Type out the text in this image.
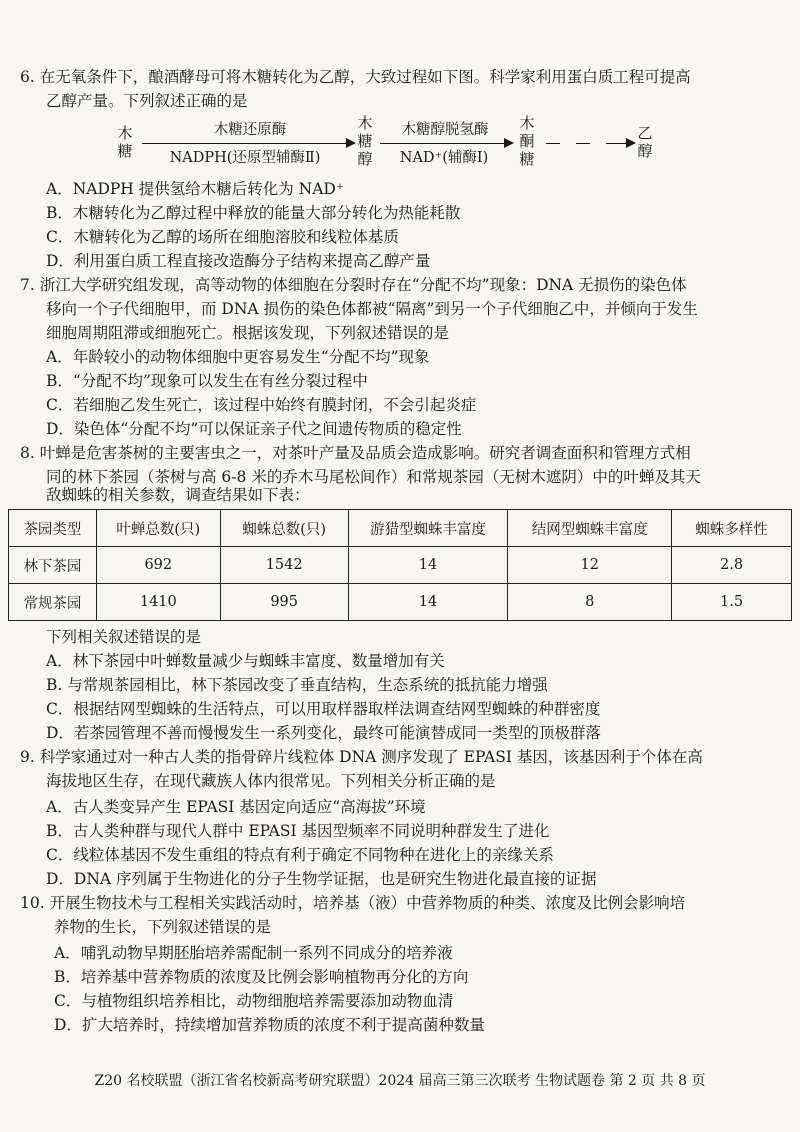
6. 在无氧条件下，酿酒酵母可将木糖转化为乙醇，大致过程如下图。科学家利用蛋白质工程可提高
乙醇产量。下列叙述正确的是
木
糖
木糖还原酶
NADPH(还原型辅酶Ⅱ)
木
糖
醇
木糖醇脱氢酶
NAD⁺(辅酶Ⅰ)
木
酮
糖
乙
醇
A．NADPH 提供氢给木糖后转化为 NAD⁺
B．木糖转化为乙醇过程中释放的能量大部分转化为热能耗散
C．木糖转化为乙醇的场所在细胞溶胶和线粒体基质
D．利用蛋白质工程直接改造酶分子结构来提高乙醇产量
7. 浙江大学研究组发现，高等动物的体细胞在分裂时存在“分配不均”现象：DNA 无损伤的染色体
移向一个子代细胞甲，而 DNA 损伤的染色体都被“隔离”到另一个子代细胞乙中，并倾向于发生
细胞周期阻滞或细胞死亡。根据该发现，下列叙述错误的是
A．年龄较小的动物体细胞中更容易发生“分配不均”现象
B．“分配不均”现象可以发生在有丝分裂过程中
C．若细胞乙发生死亡，该过程中始终有膜封闭，不会引起炎症
D．染色体“分配不均”可以保证亲子代之间遗传物质的稳定性
8. 叶蝉是危害茶树的主要害虫之一，对茶叶产量及品质会造成影响。研究者调查面积和管理方式相
同的林下茶园（茶树与高 6-8 米的乔木马尾松间作）和常规茶园（无树木遮阴）中的叶蝉及其天
敌蜘蛛的相关参数，调查结果如下表：
茶园类型	叶蝉总数(只)	蜘蛛总数(只)	游猎型蜘蛛丰富度	结网型蜘蛛丰富度	蜘蛛多样性
林下茶园	692	1542	14	12	2.8
常规茶园	1410	995	14	8	1.5
下列相关叙述错误的是
A．林下茶园中叶蝉数量减少与蜘蛛丰富度、数量增加有关
B. 与常规茶园相比，林下茶园改变了垂直结构，生态系统的抵抗能力增强
C．根据结网型蜘蛛的生活特点，可以用取样器取样法调查结网型蜘蛛的种群密度
D．若茶园管理不善而慢慢发生一系列变化，最终可能演替成同一类型的顶极群落
9. 科学家通过对一种古人类的指骨碎片线粒体 DNA 测序发现了 EPASI 基因，该基因利于个体在高
海拔地区生存，在现代藏族人体内很常见。下列相关分析正确的是
A．古人类变异产生 EPASI 基因定向适应“高海拔”环境
B．古人类种群与现代人群中 EPASI 基因型频率不同说明种群发生了进化
C．线粒体基因不发生重组的特点有利于确定不同物种在进化上的亲缘关系
D．DNA 序列属于生物进化的分子生物学证据，也是研究生物进化最直接的证据
10. 开展生物技术与工程相关实践活动时，培养基（液）中营养物质的种类、浓度及比例会影响培
养物的生长，下列叙述错误的是
A．哺乳动物早期胚胎培养需配制一系列不同成分的培养液
B．培养基中营养物质的浓度及比例会影响植物再分化的方向
C．与植物组织培养相比，动物细胞培养需要添加动物血清
D．扩大培养时，持续增加营养物质的浓度不利于提高菌种数量
Z20 名校联盟（浙江省名校新高考研究联盟）2024 届高三第三次联考 生物试题卷 第 2 页 共 8 页
